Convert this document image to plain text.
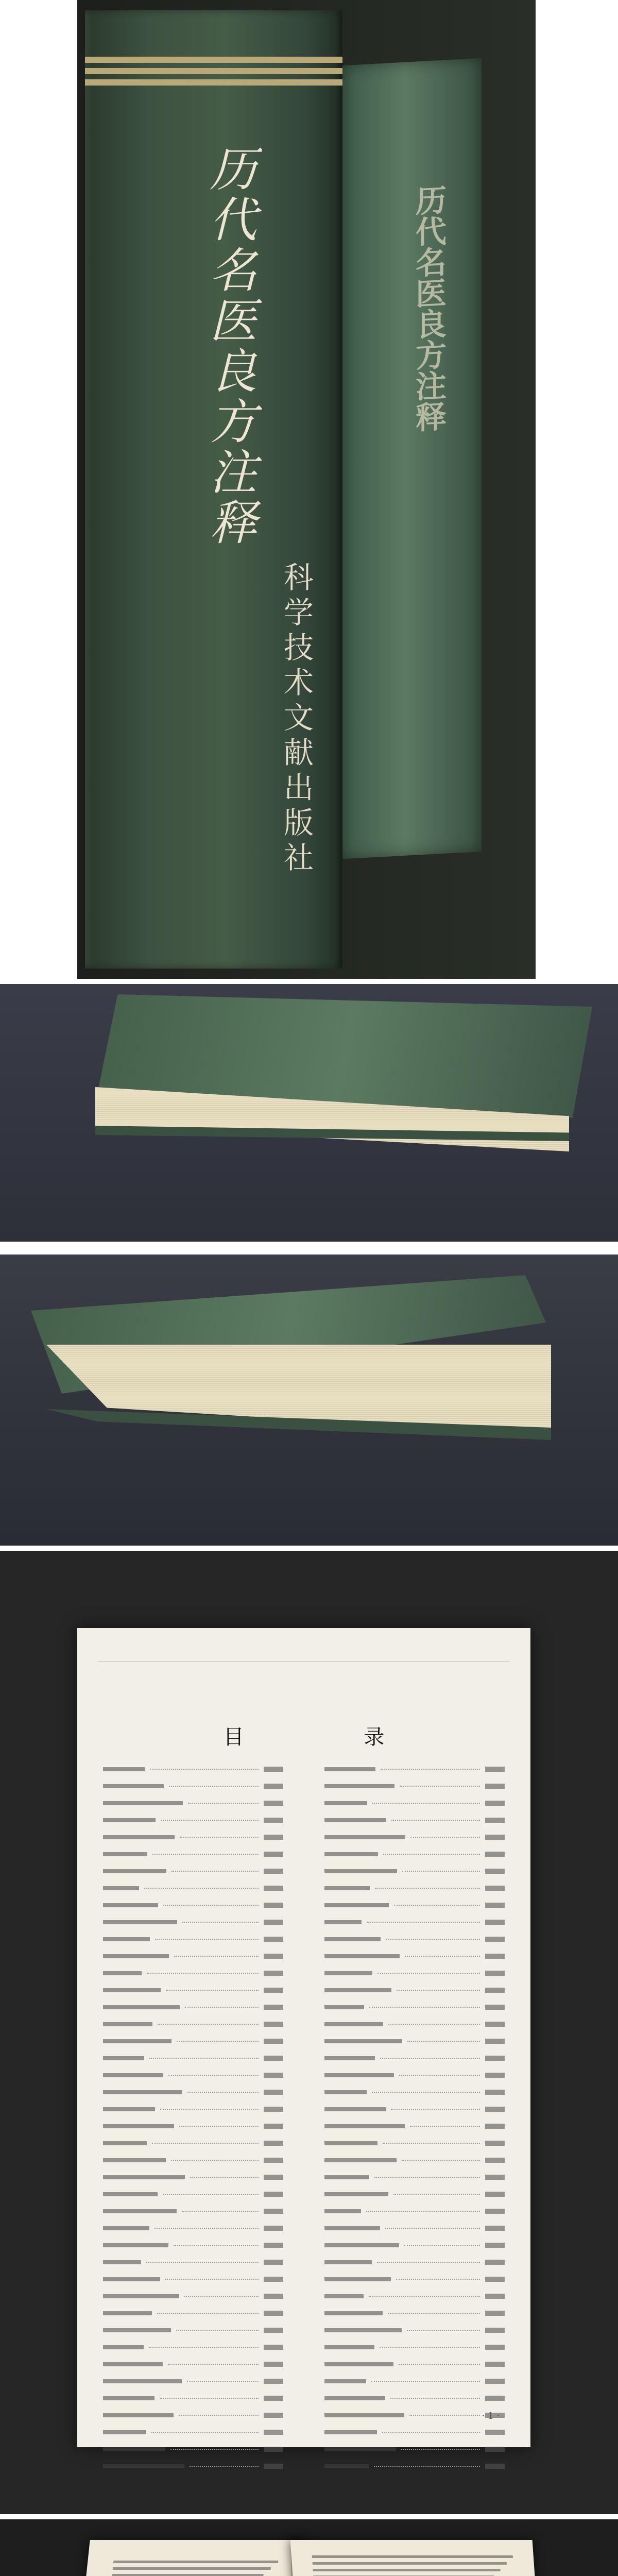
历代名医良方注释
科学技术文献出版社
历代名医良方注释
目 录
· 1 ·
